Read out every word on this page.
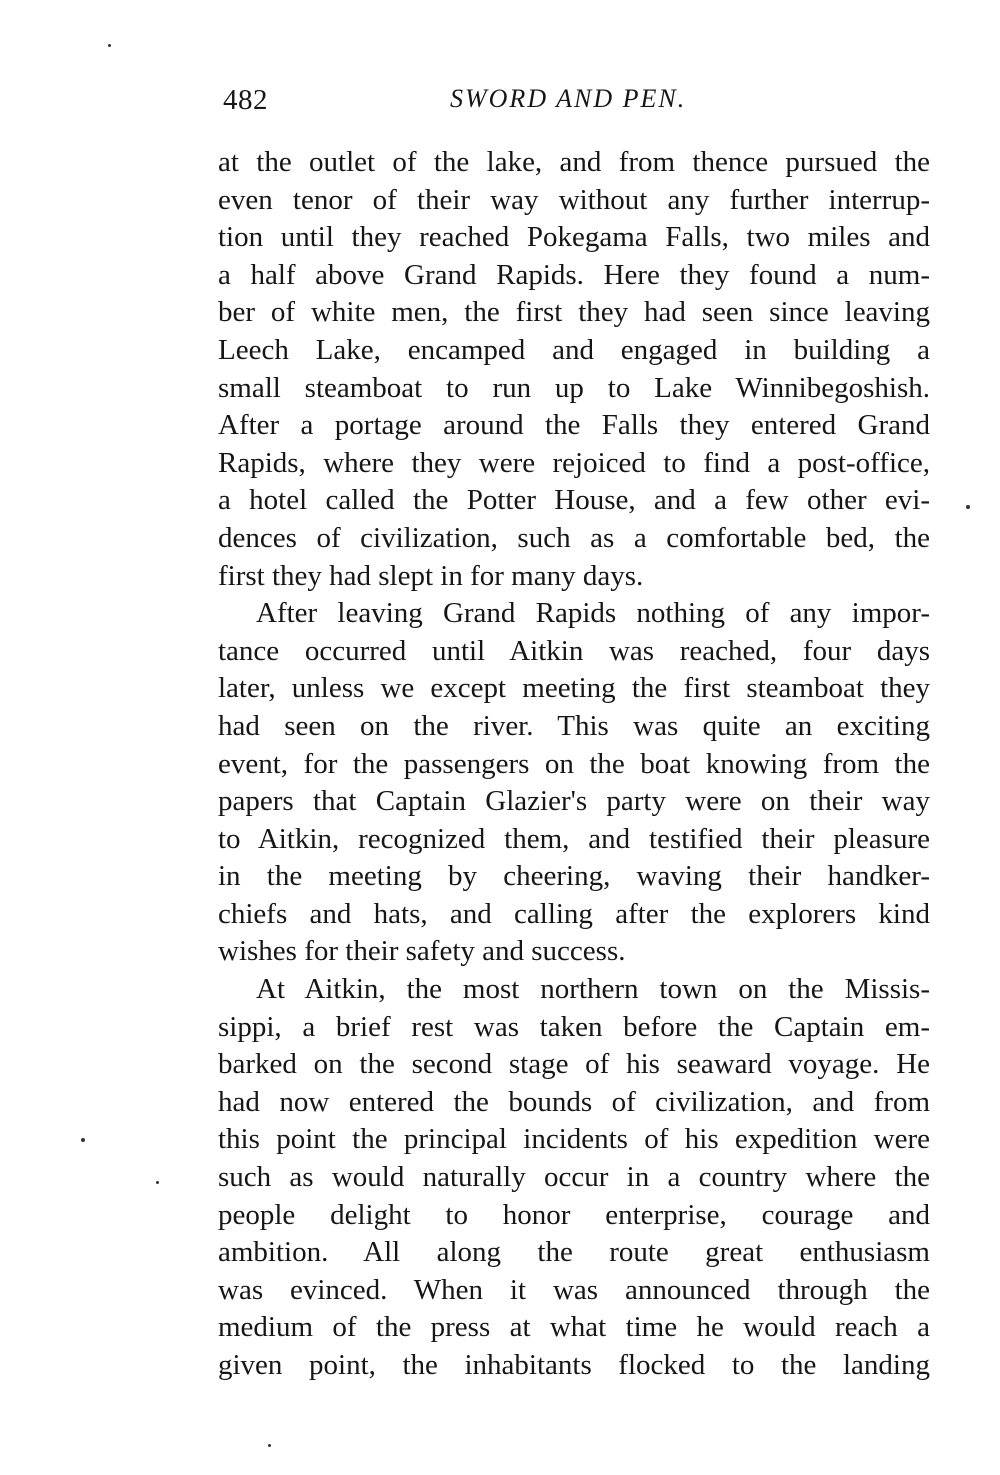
482	SWORD AND PEN.
at the outlet of the lake, and from thence pursued the
even tenor of their way without any further interrup-
tion until they reached Pokegama Falls, two miles and
a half above Grand Rapids. Here they found a num-
ber of white men, the first they had seen since leaving
Leech Lake, encamped and engaged in building a
small steamboat to run up to Lake Winnibegoshish.
After a portage around the Falls they entered Grand
Rapids, where they were rejoiced to find a post-office,
a hotel called the Potter House, and a few other evi-
dences of civilization, such as a comfortable bed, the
first they had slept in for many days.
After leaving Grand Rapids nothing of any impor-
tance occurred until Aitkin was reached, four days
later, unless we except meeting the first steamboat they
had seen on the river. This was quite an exciting
event, for the passengers on the boat knowing from the
papers that Captain Glazier's party were on their way
to Aitkin, recognized them, and testified their pleasure
in the meeting by cheering, waving their handker-
chiefs and hats, and calling after the explorers kind
wishes for their safety and success.
At Aitkin, the most northern town on the Missis-
sippi, a brief rest was taken before the Captain em-
barked on the second stage of his seaward voyage. He
had now entered the bounds of civilization, and from
this point the principal incidents of his expedition were
such as would naturally occur in a country where the
people delight to honor enterprise, courage and
ambition. All along the route great enthusiasm
was evinced. When it was announced through the
medium of the press at what time he would reach a
given point, the inhabitants flocked to the landing
